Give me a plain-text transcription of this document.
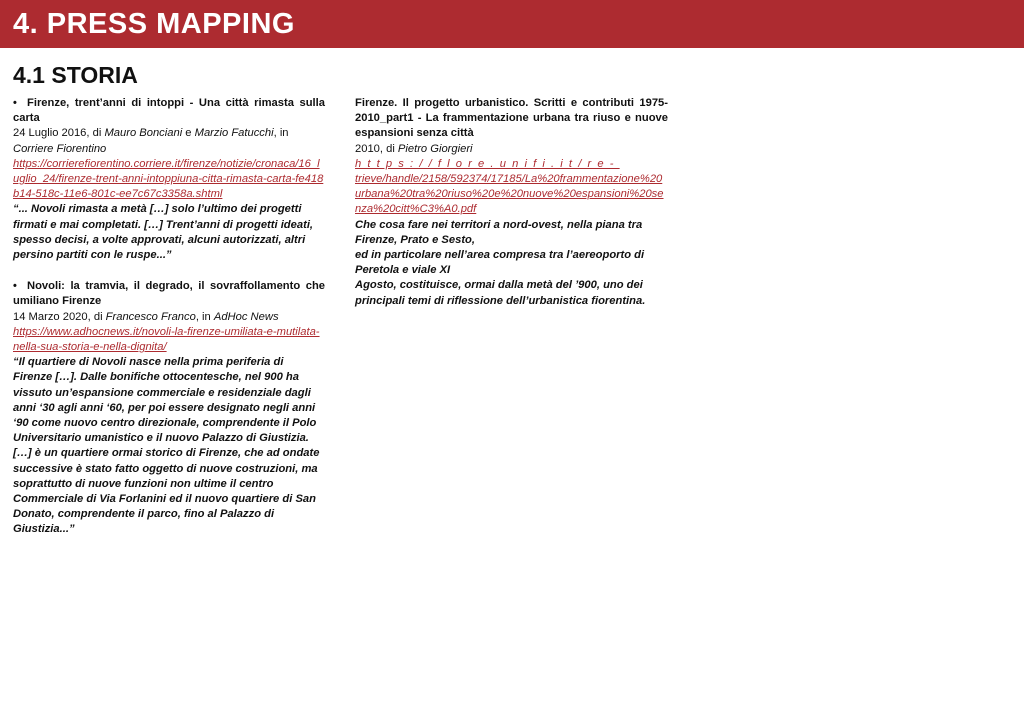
4. PRESS MAPPING
4.1 STORIA
• Firenze, trent’anni di intoppi - Una città rimasta sulla carta
24 Luglio 2016, di Mauro Bonciani e Marzio Fatucchi, in Corriere Fiorentino
https://corrierefiorentino.corriere.it/firenze/notizie/cronaca/16_luglio_24/firenze-trent-anni-intoppiuna-citta-rimasta-carta-fe418b14-518c-11e6-801c-ee7c67c3358a.shtml
“... Novoli rimasta a metà […] solo l’ultimo dei progetti firmati e mai completati. […] Trent’anni di progetti ideati, spesso decisi, a volte approvati, alcuni autorizzati, altri persino partiti con le ruspe...”
• Novoli: la tramvia, il degrado, il sovraffollamento che umiliano Firenze
14 Marzo 2020, di Francesco Franco, in AdHoc News
https://www.adhocnews.it/novoli-la-firenze-umiliata-e-mutilata-nella-sua-storia-e-nella-dignita/
“Il quartiere di Novoli nasce nella prima periferia di Firenze […]. Dalle bonifiche ottocentesche, nel 900 ha vissuto un’espansione commerciale e residenziale dagli anni ‘30 agli anni ‘60, per poi essere designato negli anni ‘90 come nuovo centro direzionale, comprendente il Polo Universitario umanistico e il nuovo Palazzo di Giustizia. […] è un quartiere ormai storico di Firenze, che ad ondate successive è stato fatto oggetto di nuove costruzioni, ma soprattutto di nuove funzioni non ultime il centro Commerciale di Via Forlanini ed il nuovo quartiere di San Donato, comprendente il parco, fino al Palazzo di Giustizia...”
Firenze. Il progetto urbanistico. Scritti e contributi 1975-2010_part1 - La frammentazione urbana tra riuso e nuove espansioni senza città
2010, di Pietro Giorgieri
https://flore.unifi.it/re-
trieve/handle/2158/592374/17185/La%20frammentazione%20urbana%20tra%20riuso%20e%20nuove%20espansioni%20senza%20citt%C3%A0.pdf

Che cosa fare nei territori a nord-ovest, nella piana tra Firenze, Prato e Sesto,

ed in particolare nell’area compresa tra l’aereoporto di Peretola e viale XI

Agosto, costituisce, ormai dalla metà del ’900, uno dei principali temi di riflessione dell’urbanistica fiorentina.
